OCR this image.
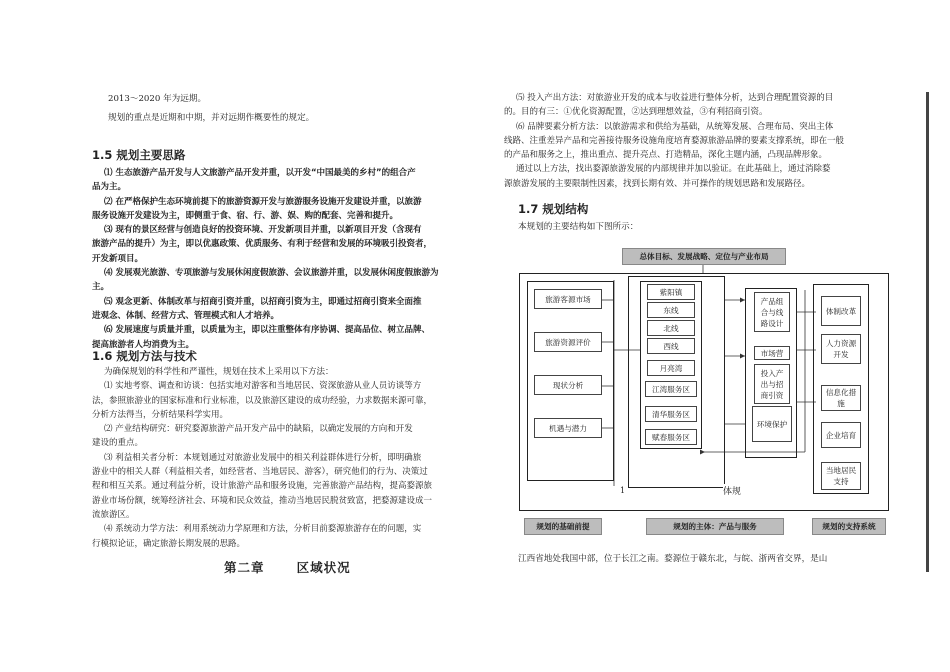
2013～2020 年为远期。

规划的重点是近期和中期，并对远期作概要性的规定。

1.5 规划主要思路
⑴ 生态旅游产品开发与人文旅游产品开发并重，以开发“中国最美的乡村”的组合产
品为主。
⑵ 在严格保护生态环境前提下的旅游资源开发与旅游服务设施开发建设并重，以旅游
服务设施开发建设为主，即侧重于食、宿、行、游、娱、购的配套、完善和提升。
⑶ 现有的景区经营与创造良好的投资环境、开发新项目并重，以新项目开发（含现有
旅游产品的提升）为主，即以优惠政策、优质服务、有利于经营和发展的环境吸引投资者，
开发新项目。
⑷ 发展观光旅游、专项旅游与发展休闲度假旅游、会议旅游并重，以发展休闲度假旅游为
主。
⑸ 观念更新、体制改革与招商引资并重，以招商引资为主，即通过招商引资来全面推
进观念、体制、经营方式、管理模式和人才培养。
⑹ 发展速度与质量并重，以质量为主，即以注重整体有序协调、提高品位、树立品牌、
提高旅游者人均消费为主。
1.6 规划方法与技术
为确保规划的科学性和严谨性，规划在技术上采用以下方法：
⑴ 实地考察、调查和访谈：包括实地对游客和当地居民、资深旅游从业人员访谈等方
法，参照旅游业的国家标准和行业标准，以及旅游区建设的成功经验，力求数据来源可靠，
分析方法得当，分析结果科学实用。
⑵ 产业结构研究：研究婺源旅游产品开发产品中的缺陷，以确定发展的方向和开发
建设的重点。
⑶ 利益相关者分析：本规划通过对旅游业发展中的相关利益群体进行分析，即明确旅
游业中的相关人群（利益相关者，如经营者、当地居民、游客），研究他们的行为、决策过
程和相互关系。通过利益分析，设计旅游产品和服务设施，完善旅游产品结构，提高婺源旅
游业市场份额，统筹经济社会、环境和民众效益，推动当地居民脱贫致富，把婺源建设成一
流旅游区。
⑷ 系统动力学方法：利用系统动力学原理和方法，分析目前婺源旅游存在的问题，实
行模拟论证，确定旅游长期发展的思路。
第二章      区域状况
⑸ 投入产出方法：对旅游业开发的成本与收益进行整体分析，达到合理配置资源的目
的。目的有三：①优化资源配置，②达到理想效益，③有利招商引资。
⑹ 品牌要素分析方法：以旅游需求和供给为基础，从统筹发展、合理布局、突出主体
线路、注重差异产品和完善接待服务设施角度培育婺源旅游品牌的要素支撑系统，即在一般
的产品和服务之上，推出重点、提升亮点、打造精品，深化主题内涵，凸现品牌形象。
通过以上方法，找出婺源旅游发展的内部规律并加以验证。在此基础上，通过消除婺
源旅游发展的主要限制性因素，找到长期有效、并可操作的规划思路和发展路径。
1.7 规划结构

本规划的主要结构如下图所示：

总体目标、发展战略、定位与产业布局
旅游客源市场
旅游资源评价
现状分析
机遇与潜力
紫阳镇
东线
北线
西线
月亮湾
江湾服务区
清华服务区
赋春服务区
产品组合与线路设计
市场营
投入产出与招商引资
环境保护
体制改革
人力资源开发
信息化措施
企业培育
当地居民支持
1	体规
规划的基础前提	规划的主体：产品与服务	规划的支持系统

江西省地处我国中部，位于长江之南。婺源位于赣东北，与皖、浙两省交界，是山
